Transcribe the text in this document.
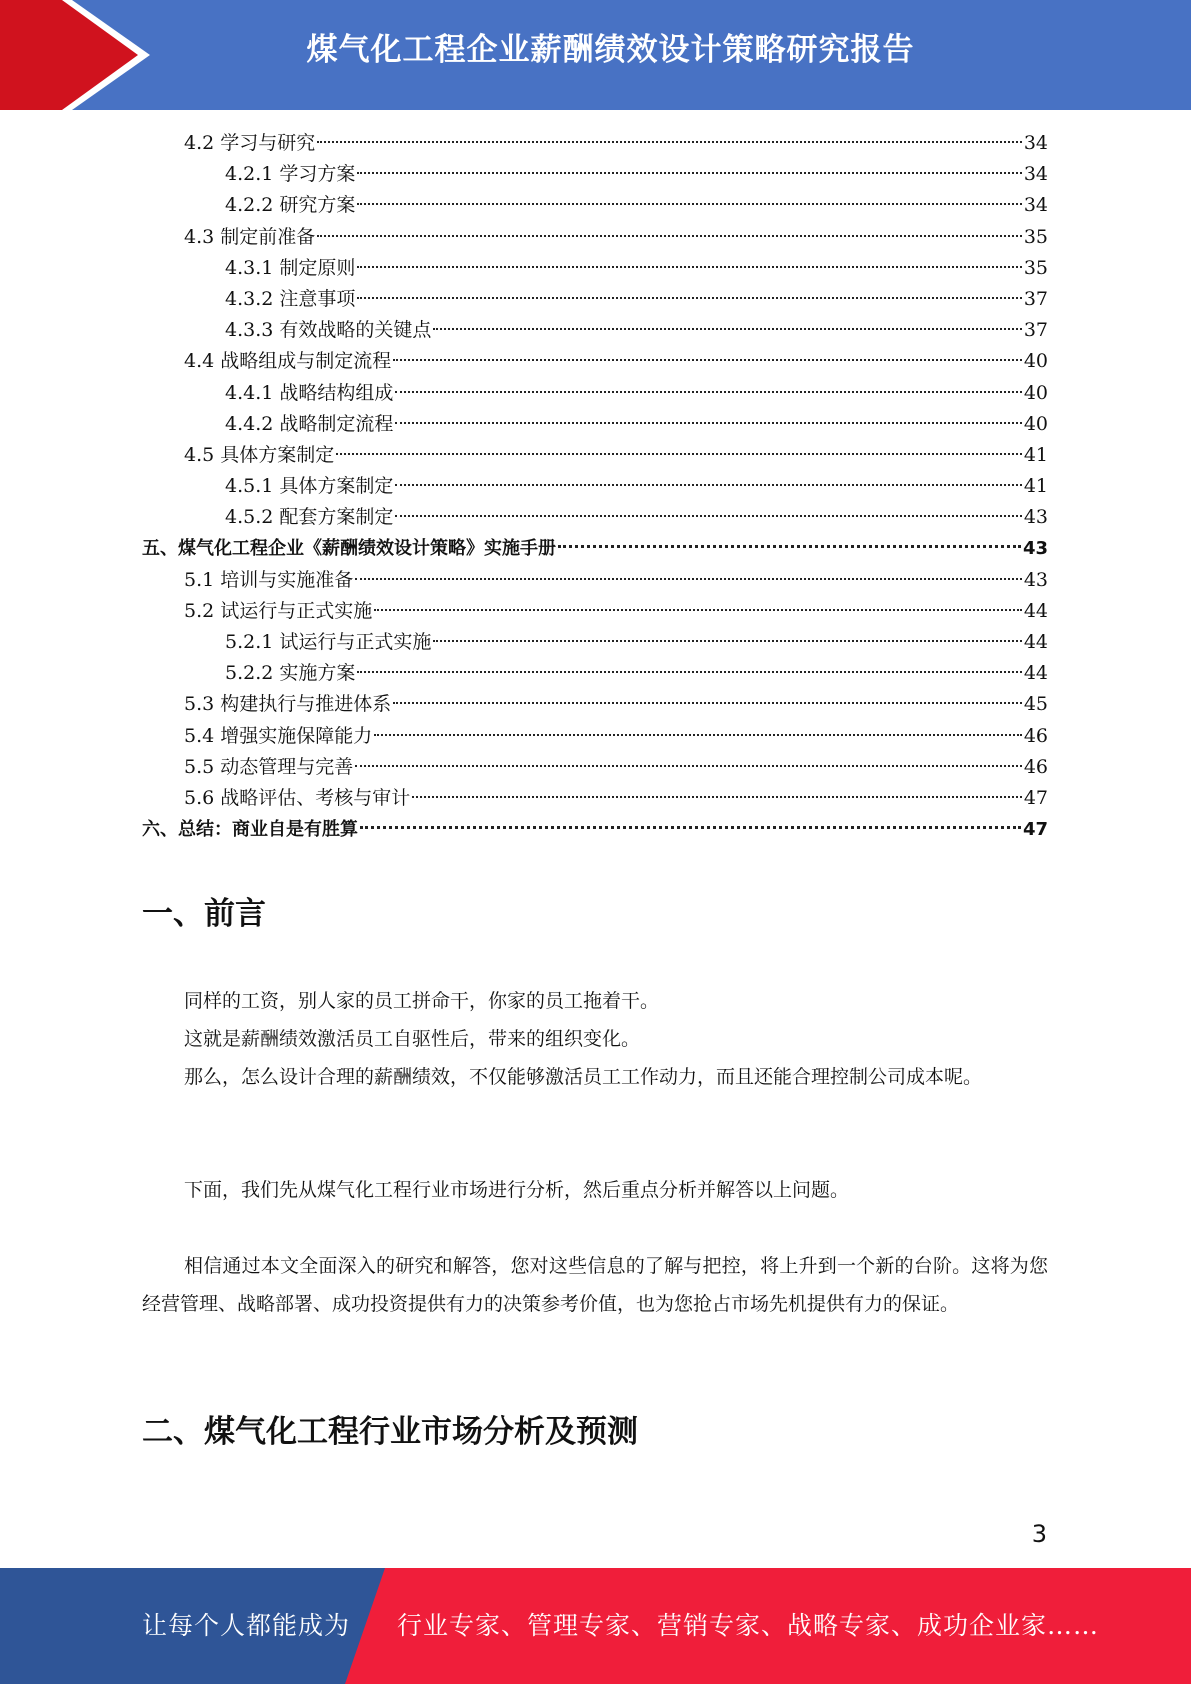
煤气化工程企业薪酬绩效设计策略研究报告
4.2 学习与研究	34
4.2.1 学习方案	34
4.2.2 研究方案	34
4.3 制定前准备	35
4.3.1 制定原则	35
4.3.2 注意事项	37
4.3.3 有效战略的关键点	37
4.4 战略组成与制定流程	40
4.4.1 战略结构组成	40
4.4.2 战略制定流程	40
4.5 具体方案制定	41
4.5.1 具体方案制定	41
4.5.2 配套方案制定	43
五、煤气化工程企业《薪酬绩效设计策略》实施手册	43
5.1 培训与实施准备	43
5.2 试运行与正式实施	44
5.2.1 试运行与正式实施	44
5.2.2 实施方案	44
5.3 构建执行与推进体系	45
5.4 增强实施保障能力	46
5.5 动态管理与完善	46
5.6 战略评估、考核与审计	47
六、总结：商业自是有胜算	47
一、前言

同样的工资，别人家的员工拼命干，你家的员工拖着干。

这就是薪酬绩效激活员工自驱性后，带来的组织变化。

那么，怎么设计合理的薪酬绩效，不仅能够激活员工工作动力，而且还能合理控制公司成本呢。

下面，我们先从煤气化工程行业市场进行分析，然后重点分析并解答以上问题。

相信通过本文全面深入的研究和解答，您对这些信息的了解与把控，将上升到一个新的台阶。这将为您经营管理、战略部署、成功投资提供有力的决策参考价值，也为您抢占市场先机提供有力的保证。

二、煤气化工程行业市场分析及预测
3
让每个人都能成为 行业专家、管理专家、营销专家、战略专家、成功企业家……
